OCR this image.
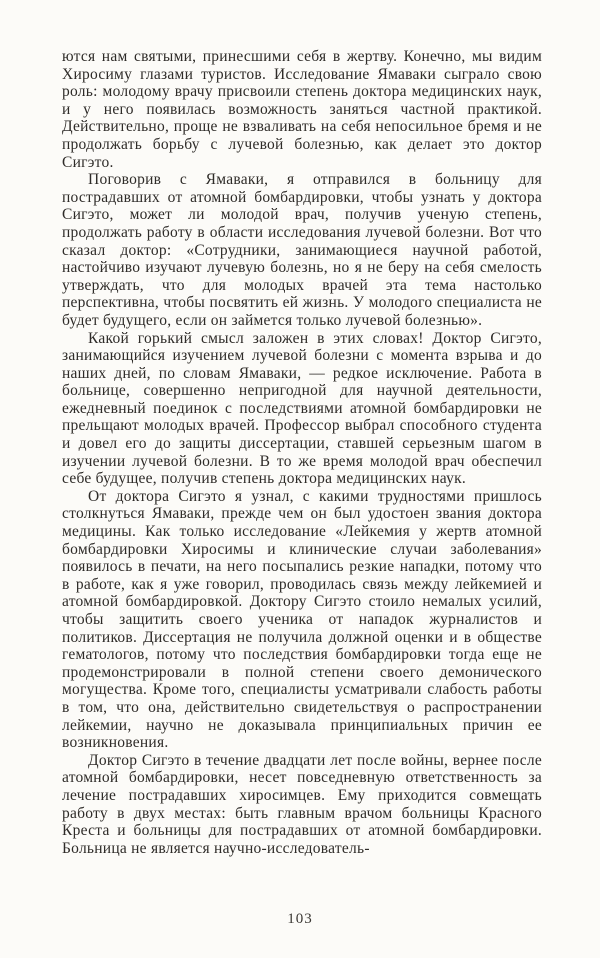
ются нам святыми, принесшими себя в жертву. Конечно, мы видим Хиросиму глазами туристов. Исследование Ямаваки сыграло свою роль: молодому врачу присвоили степень доктора медицинских наук, и у него появилась возможность заняться частной практикой. Действительно, проще не взваливать на себя непосильное бремя и не продолжать борьбу с лучевой болезнью, как делает это доктор Сигэто.

Поговорив с Ямаваки, я отправился в больницу для пострадавших от атомной бомбардировки, чтобы узнать у доктора Сигэто, может ли молодой врач, получив ученую степень, продолжать работу в области исследования лучевой болезни. Вот что сказал доктор: «Сотрудники, занимающиеся научной работой, настойчиво изучают лучевую болезнь, но я не беру на себя смелость утверждать, что для молодых врачей эта тема настолько перспективна, чтобы посвятить ей жизнь. У молодого специалиста не будет будущего, если он займется только лучевой болезнью».

Какой горький смысл заложен в этих словах! Доктор Сигэто, занимающийся изучением лучевой болезни с момента взрыва и до наших дней, по словам Ямаваки, — редкое исключение. Работа в больнице, совершенно непригодной для научной деятельности, ежедневный поединок с последствиями атомной бомбардировки не прельщают молодых врачей. Профессор выбрал способного студента и довел его до защиты диссертации, ставшей серьезным шагом в изучении лучевой болезни. В то же время молодой врач обеспечил себе будущее, получив степень доктора медицинских наук.

От доктора Сигэто я узнал, с какими трудностями пришлось столкнуться Ямаваки, прежде чем он был удостоен звания доктора медицины. Как только исследование «Лейкемия у жертв атомной бомбардировки Хиросимы и клинические случаи заболевания» появилось в печати, на него посыпались резкие нападки, потому что в работе, как я уже говорил, проводилась связь между лейкемией и атомной бомбардировкой. Доктору Сигэто стоило немалых усилий, чтобы защитить своего ученика от нападок журналистов и политиков. Диссертация не получила должной оценки и в обществе гематологов, потому что последствия бомбардировки тогда еще не продемонстрировали в полной степени своего демонического могущества. Кроме того, специалисты усматривали слабость работы в том, что она, действительно свидетельствуя о распространении лейкемии, научно не доказывала принципиальных причин ее возникновения.

Доктор Сигэто в течение двадцати лет после войны, вернее после атомной бомбардировки, несет повседневную ответственность за лечение пострадавших хиросимцев. Ему приходится совмещать работу в двух местах: быть главным врачом больницы Красного Креста и больницы для пострадавших от атомной бомбардировки. Больница не является научно-исследователь-

103
